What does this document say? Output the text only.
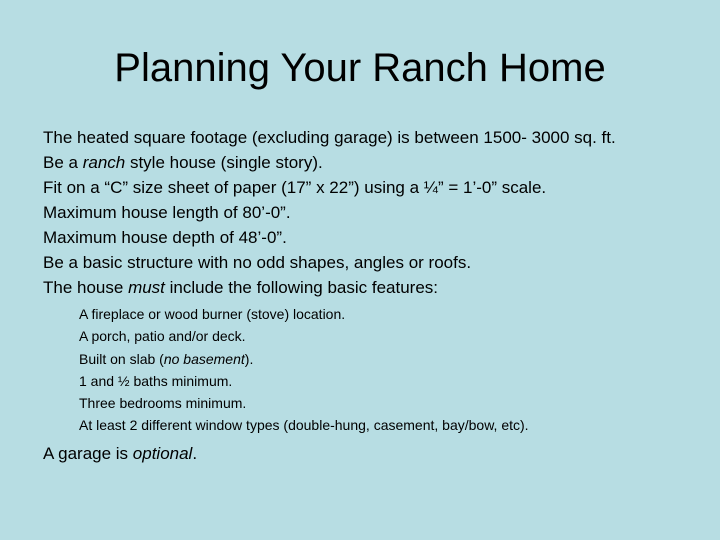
Planning Your Ranch Home
The heated square footage (excluding garage) is between 1500- 3000 sq. ft.
Be a ranch style house (single story).
Fit on a “C” size sheet of paper (17” x 22”) using a ¼” = 1’-0” scale.
Maximum house length of 80’-0”.
Maximum house depth of 48’-0”.
Be a basic structure with no odd shapes, angles or roofs.
The house must include the following basic features:
A fireplace or wood burner (stove) location.
A porch, patio and/or deck.
Built on slab (no basement).
1 and ½ baths minimum.
Three bedrooms minimum.
At least 2 different window types (double-hung, casement, bay/bow, etc).
A garage is optional.
